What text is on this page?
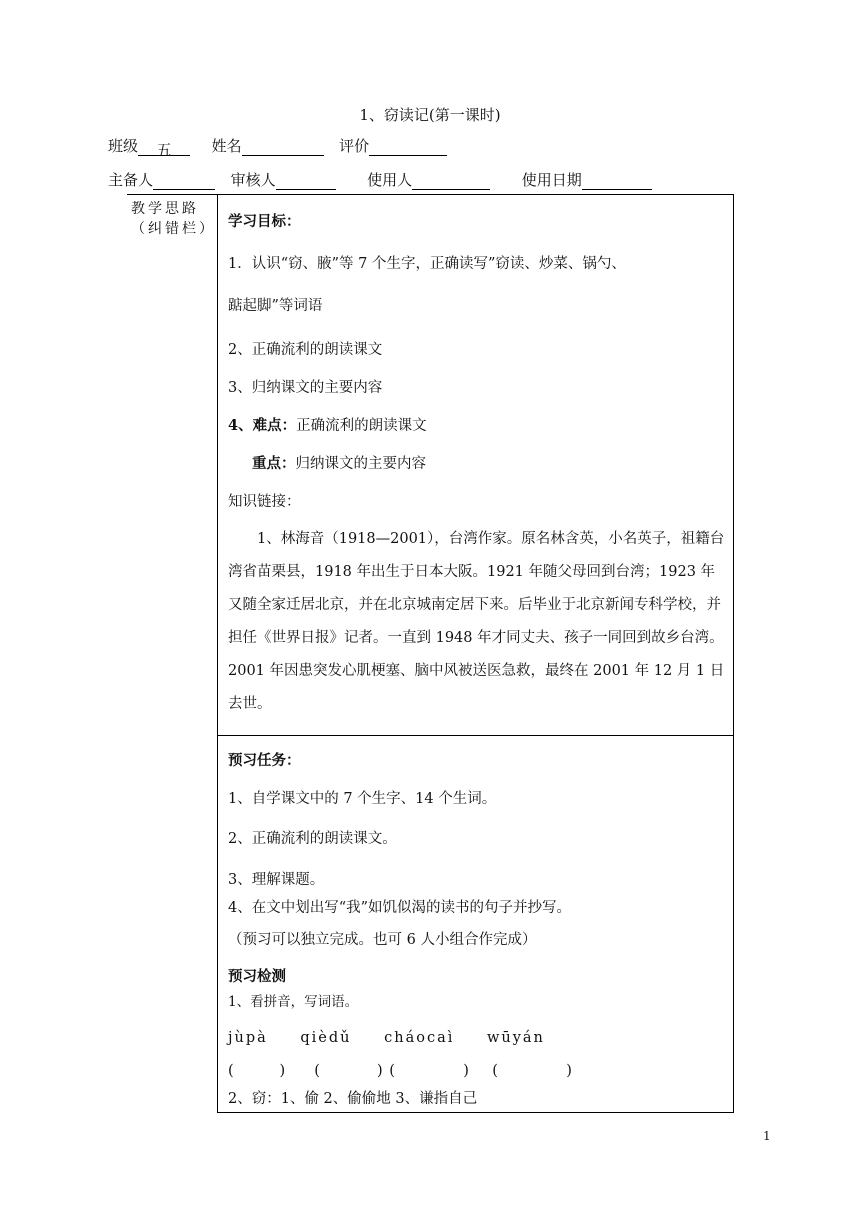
1、窃读记(第一课时)
班级 五	姓名	评价
主备人	审核人	使用人	使用日期
教学思路（纠错栏）	学习目标：

1．认识“窃、腋”等 7 个生字，正确读写”窃读、炒菜、锅勺、

踮起脚”等词语

2、正确流利的朗读课文

3、归纳课文的主要内容

4、难点：正确流利的朗读课文

重点：归纳课文的主要内容

知识链接：

1、林海音（1918—2001），台湾作家。原名林含英，小名英子，祖籍台湾省苗栗县，1918 年出生于日本大阪。1921 年随父母回到台湾；1923 年又随全家迁居北京，并在北京城南定居下来。后毕业于北京新闻专科学校，并担任《世界日报》记者。一直到 1948 年才同丈夫、孩子一同回到故乡台湾。 2001 年因患突发心肌梗塞、脑中风被送医急救，最终在 2001 年 12 月 1 日去世。

预习任务：

1、自学课文中的 7 个生字、14 个生词。

2、正确流利的朗读课文。

3、理解课题。

4、在文中划出写“我”如饥似渴的读书的句子并抄写。

（预习可以独立完成。也可 6 人小组合作完成）

预习检测

1、看拼音，写词语。

jùpà qièdǔ cháocaì wūyán

(        )     (          ) (            )    (            )

2、窃：1、偷 2、偷偷地 3、谦指自己

1
